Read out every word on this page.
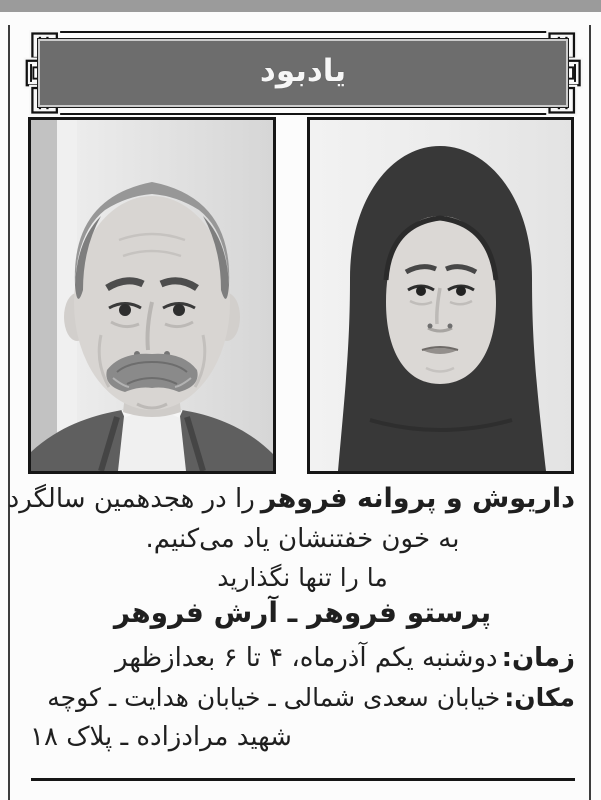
یادبود
داریوش و پروانه فروهررا در هجدهمین سالگرد
به خون خفتنشان یاد می‌کنیم.
ما را تنها نگذارید
پرستو فروهر ـ آرش فروهر
زمان:دوشنبه یکم آذرماه، ۴ تا ۶ بعدازظهر
مکان:خیابان سعدی شمالی ـ خیابان هدایت ـ کوچه
شهید مرادزاده ـ پلاک ۱۸
